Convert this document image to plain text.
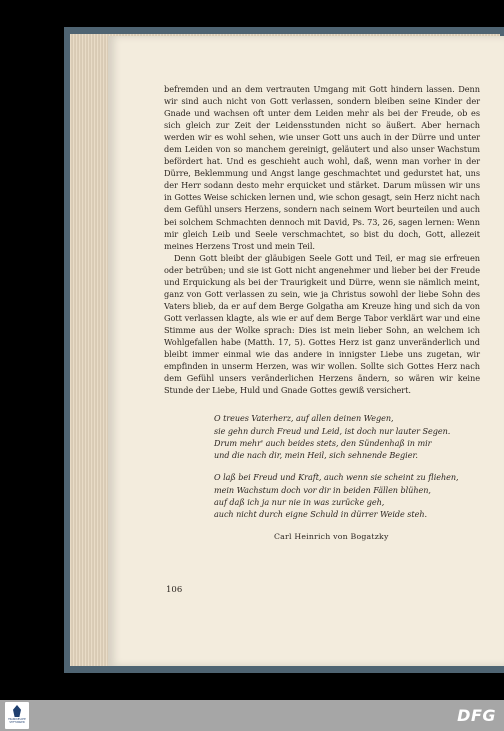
befremden und an dem vertrauten Umgang mit Gott hindern lassen. Denn wir sind auch nicht von Gott verlassen, sondern bleiben seine Kinder der Gnade und wachsen oft unter dem Leiden mehr als bei der Freude, ob es sich gleich zur Zeit der Leidensstunden nicht so äußert. Aber hernach werden wir es wohl sehen, wie unser Gott uns auch in der Dürre und unter dem Leiden von so manchem gereinigt, geläutert und also unser Wachstum befördert hat. Und es geschieht auch wohl, daß, wenn man vorher in der Dürre, Beklemmung und Angst lange geschmachtet und gedurstet hat, uns der Herr sodann desto mehr erquicket und stärket. Darum müssen wir uns in Gottes Weise schicken lernen und, wie schon gesagt, sein Herz nicht nach dem Gefühl unsers Herzens, sondern nach seinem Wort beurteilen und auch bei solchem Schmachten dennoch mit David, Ps. 73, 26, sagen lernen: Wenn mir gleich Leib und Seele verschmachtet, so bist du doch, Gott, allezeit meines Herzens Trost und mein Teil.

Denn Gott bleibt der gläubigen Seele Gott und Teil, er mag sie erfreuen oder betrüben; und sie ist Gott nicht angenehmer und lieber bei der Freude und Erquickung als bei der Traurigkeit und Dürre, wenn sie nämlich meint, ganz von Gott verlassen zu sein, wie ja Christus sowohl der liebe Sohn des Vaters blieb, da er auf dem Berge Golgatha am Kreuze hing und sich da von Gott verlassen klagte, als wie er auf dem Berge Tabor verklärt war und eine Stimme aus der Wolke sprach: Dies ist mein lieber Sohn, an welchem ich Wohlgefallen habe (Matth. 17, 5). Gottes Herz ist ganz unveränderlich und bleibt immer einmal wie das andere in innigster Liebe uns zugetan, wir empfinden in unserm Herzen, was wir wollen. Sollte sich Gottes Herz nach dem Gefühl unsers veränderlichen Herzens ändern, so wären wir keine Stunde der Liebe, Huld und Gnade Gottes gewiß versichert.

O treues Vaterherz, auf allen deinen Wegen,
sie gehn durch Freud und Leid, ist doch nur lauter Segen.
Drum mehr' auch beides stets, den Sündenhaß in mir
und die nach dir, mein Heil, sich sehnende Begier.
O laß bei Freud und Kraft, auch wenn sie scheint zu fliehen,
mein Wachstum doch vor dir in beiden Fällen blühen,
auf daß ich ja nur nie in was zurücke geh,
auch nicht durch eigne Schuld in dürrer Weide steh.
Carl Heinrich von Bogatzky
106
FRANCKESCHE
STIFTUNGEN	DFG
